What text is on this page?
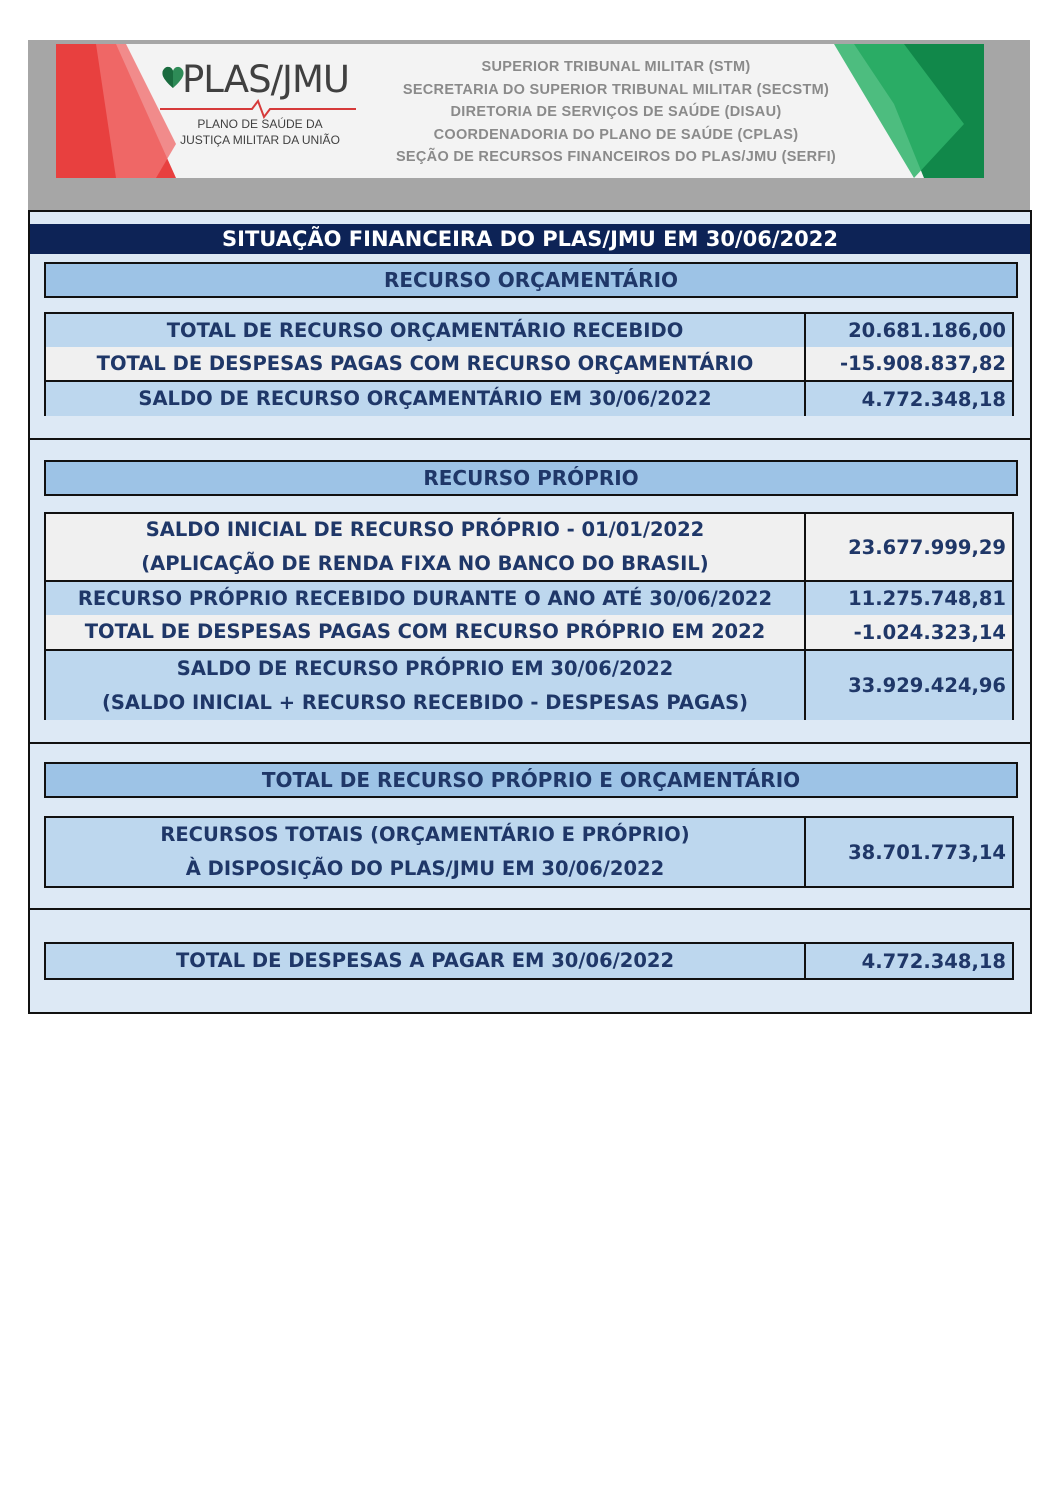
PLAS/JMU
PLANO DE SAÚDE DA
JUSTIÇA MILITAR DA UNIÃO
SUPERIOR TRIBUNAL MILITAR (STM)
SECRETARIA DO SUPERIOR TRIBUNAL MILITAR (SECSTM)
DIRETORIA DE SERVIÇOS DE SAÚDE (DISAU)
COORDENADORIA DO PLANO DE SAÚDE (CPLAS)
SEÇÃO DE RECURSOS FINANCEIROS DO PLAS/JMU (SERFI)
SITUAÇÃO FINANCEIRA DO PLAS/JMU EM 30/06/2022
RECURSO ORÇAMENTÁRIO
TOTAL DE RECURSO ORÇAMENTÁRIO RECEBIDO	20.681.186,00
TOTAL DE DESPESAS PAGAS COM RECURSO ORÇAMENTÁRIO	-15.908.837,82
SALDO DE RECURSO ORÇAMENTÁRIO EM 30/06/2022	4.772.348,18
RECURSO PRÓPRIO
SALDO INICIAL DE RECURSO PRÓPRIO - 01/01/2022
(APLICAÇÃO DE RENDA FIXA NO BANCO DO BRASIL)
23.677.999,29
RECURSO PRÓPRIO RECEBIDO DURANTE O ANO ATÉ 30/06/2022	11.275.748,81
TOTAL DE DESPESAS PAGAS COM RECURSO PRÓPRIO EM 2022	-1.024.323,14
SALDO DE RECURSO PRÓPRIO EM 30/06/2022
(SALDO INICIAL + RECURSO RECEBIDO - DESPESAS PAGAS)
33.929.424,96
TOTAL DE RECURSO PRÓPRIO E ORÇAMENTÁRIO
RECURSOS TOTAIS (ORÇAMENTÁRIO E PRÓPRIO)
À DISPOSIÇÃO DO PLAS/JMU EM 30/06/2022
38.701.773,14
TOTAL DE DESPESAS A PAGAR EM 30/06/2022	4.772.348,18
